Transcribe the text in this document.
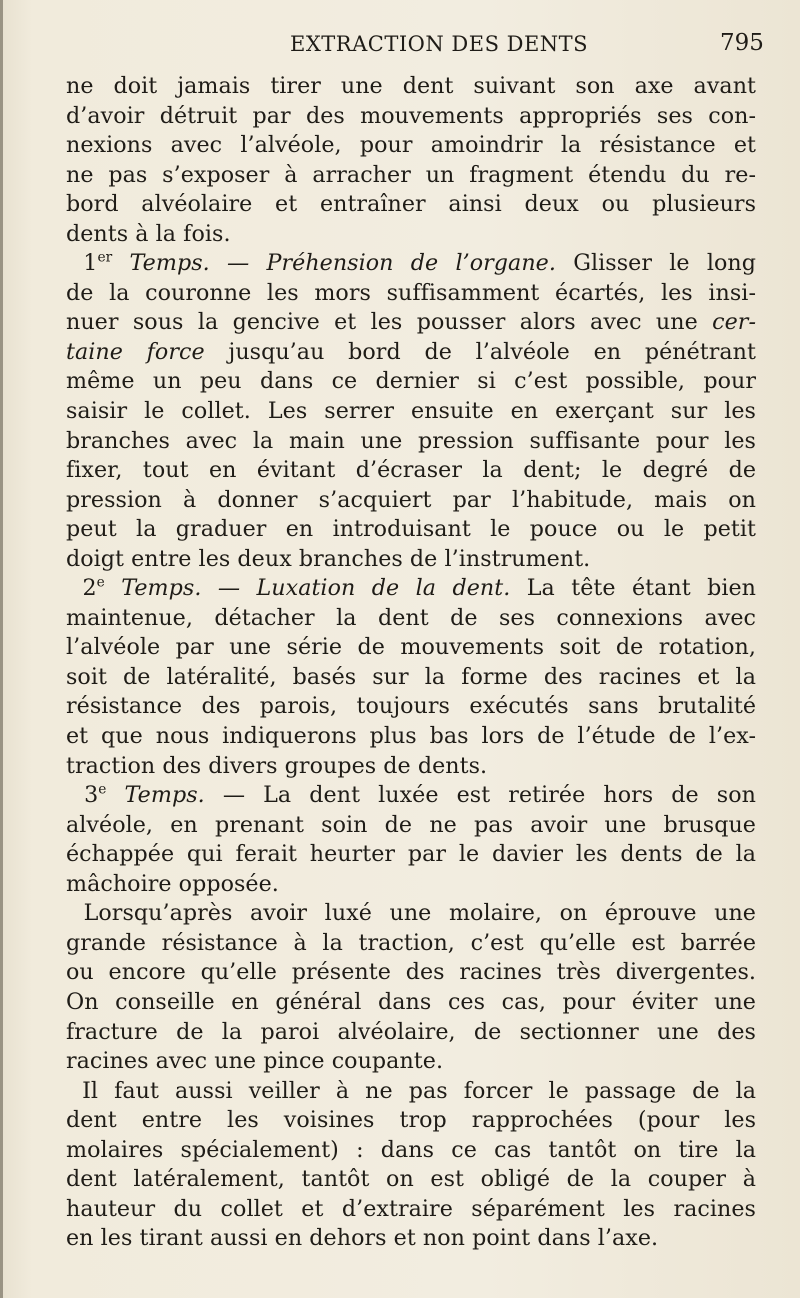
EXTRACTION DES DENTS	795

ne doit jamais tirer une dent suivant son axe avant
d’avoir détruit par des mouvements appropriés ses con-
nexions avec l’alvéole, pour amoindrir la résistance et
ne pas s’exposer à arracher un fragment étendu du re-
bord alvéolaire et entraîner ainsi deux ou plusieurs
dents à la fois.

1er Temps. — Préhension de l’organe. Glisser le long
de la couronne les mors suffisamment écartés, les insi-
nuer sous la gencive et les pousser alors avec une cer-
taine force jusqu’au bord de l’alvéole en pénétrant
même un peu dans ce dernier si c’est possible, pour
saisir le collet. Les serrer ensuite en exerçant sur les
branches avec la main une pression suffisante pour les
fixer, tout en évitant d’écraser la dent; le degré de
pression à donner s’acquiert par l’habitude, mais on
peut la graduer en introduisant le pouce ou le petit
doigt entre les deux branches de l’instrument.

2e Temps. — Luxation de la dent. La tête étant bien
maintenue, détacher la dent de ses connexions avec
l’alvéole par une série de mouvements soit de rotation,
soit de latéralité, basés sur la forme des racines et la
résistance des parois, toujours exécutés sans brutalité
et que nous indiquerons plus bas lors de l’étude de l’ex-
traction des divers groupes de dents.

3e Temps. — La dent luxée est retirée hors de son
alvéole, en prenant soin de ne pas avoir une brusque
échappée qui ferait heurter par le davier les dents de la
mâchoire opposée.

Lorsqu’après avoir luxé une molaire, on éprouve une
grande résistance à la traction, c’est qu’elle est barrée
ou encore qu’elle présente des racines très divergentes.
On conseille en général dans ces cas, pour éviter une
fracture de la paroi alvéolaire, de sectionner une des
racines avec une pince coupante.

Il faut aussi veiller à ne pas forcer le passage de la
dent entre les voisines trop rapprochées (pour les
molaires spécialement) : dans ce cas tantôt on tire la
dent latéralement, tantôt on est obligé de la couper à
hauteur du collet et d’extraire séparément les racines
en les tirant aussi en dehors et non point dans l’axe.
